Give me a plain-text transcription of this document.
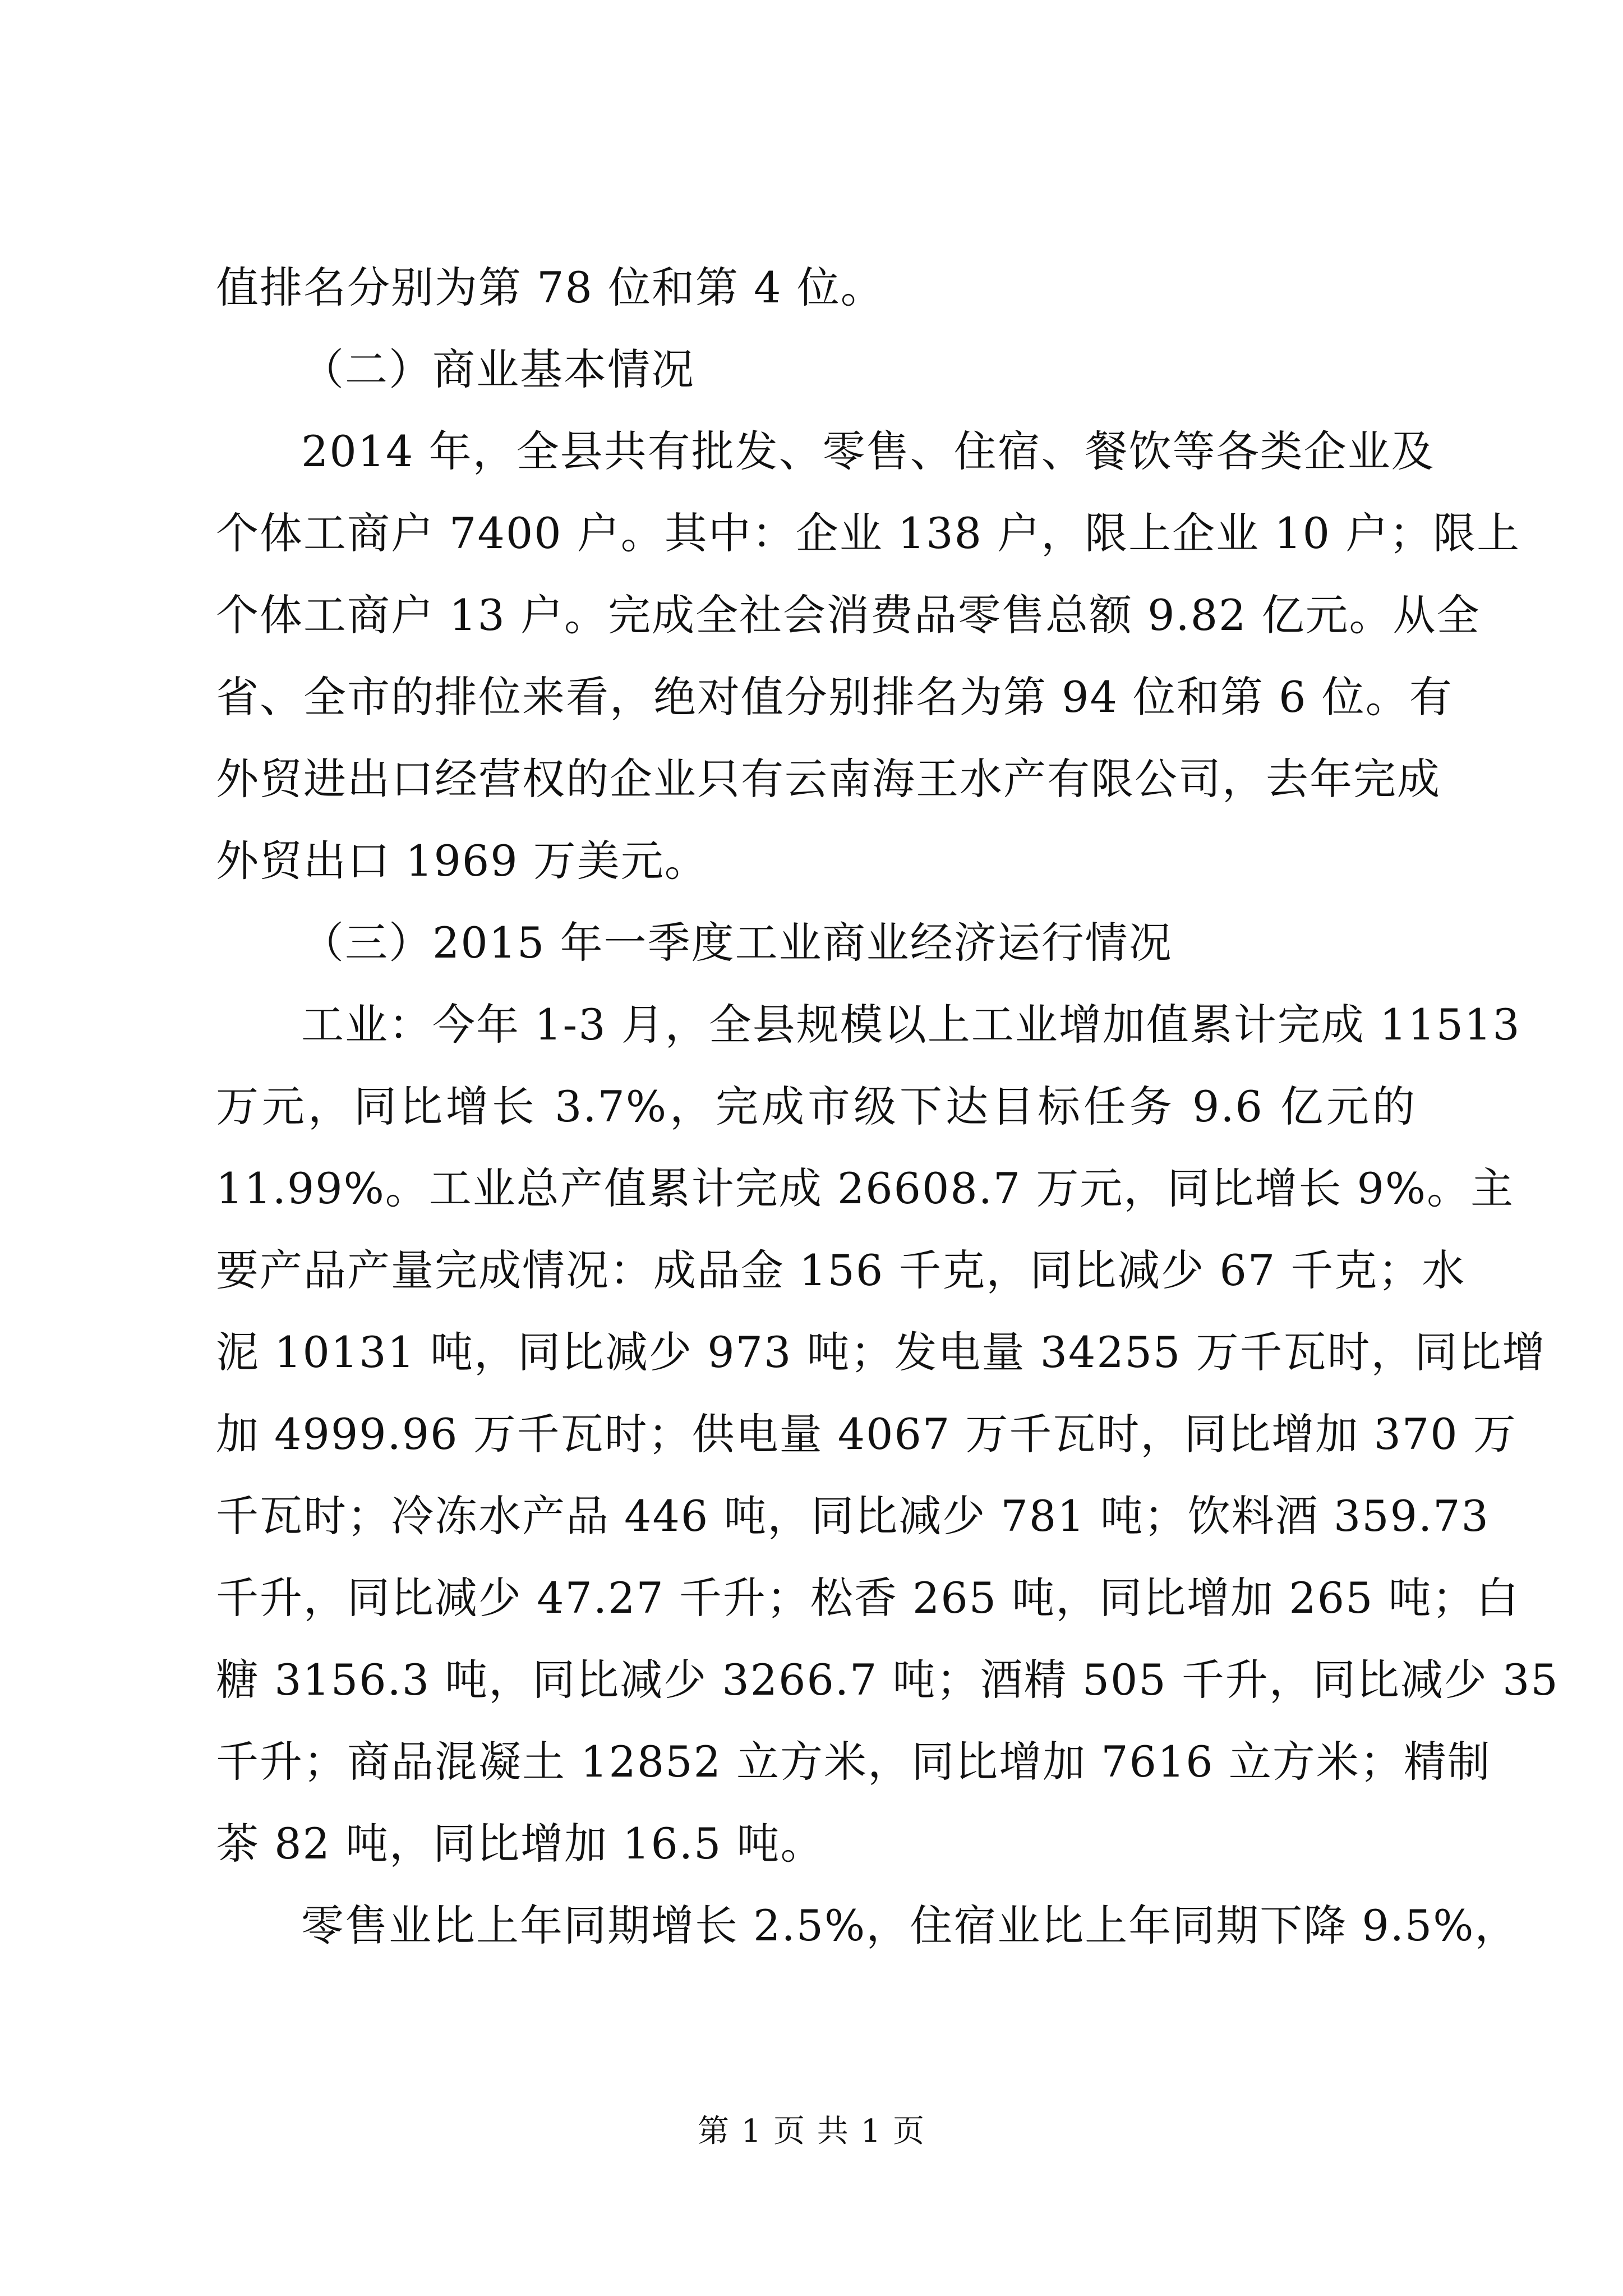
值排名分别为第 78 位和第 4 位。
（二）商业基本情况
2014 年，全县共有批发、零售、住宿、餐饮等各类企业及
个体工商户 7400 户。其中：企业 138 户，限上企业 10 户；限上
个体工商户 13 户。完成全社会消费品零售总额 9.82 亿元。从全
省、全市的排位来看，绝对值分别排名为第 94 位和第 6 位。有
外贸进出口经营权的企业只有云南海王水产有限公司，去年完成
外贸出口 1969 万美元。
（三）2015 年一季度工业商业经济运行情况
工业：今年 1-3 月，全县规模以上工业增加值累计完成 11513
万元，同比增长 3.7%，完成市级下达目标任务 9.6 亿元的
11.99%。工业总产值累计完成 26608.7 万元，同比增长 9%。主
要产品产量完成情况：成品金 156 千克，同比减少 67 千克；水
泥 10131 吨，同比减少 973 吨；发电量 34255 万千瓦时，同比增
加 4999.96 万千瓦时；供电量 4067 万千瓦时，同比增加 370 万
千瓦时；冷冻水产品 446 吨，同比减少 781 吨；饮料酒 359.73
千升，同比减少 47.27 千升；松香 265 吨，同比增加 265 吨；白
糖 3156.3 吨，同比减少 3266.7 吨；酒精 505 千升，同比减少 35
千升；商品混凝土 12852 立方米，同比增加 7616 立方米；精制
茶 82 吨，同比增加 16.5 吨。
零售业比上年同期增长 2.5%，住宿业比上年同期下降 9.5%，
第 1 页 共 1 页
